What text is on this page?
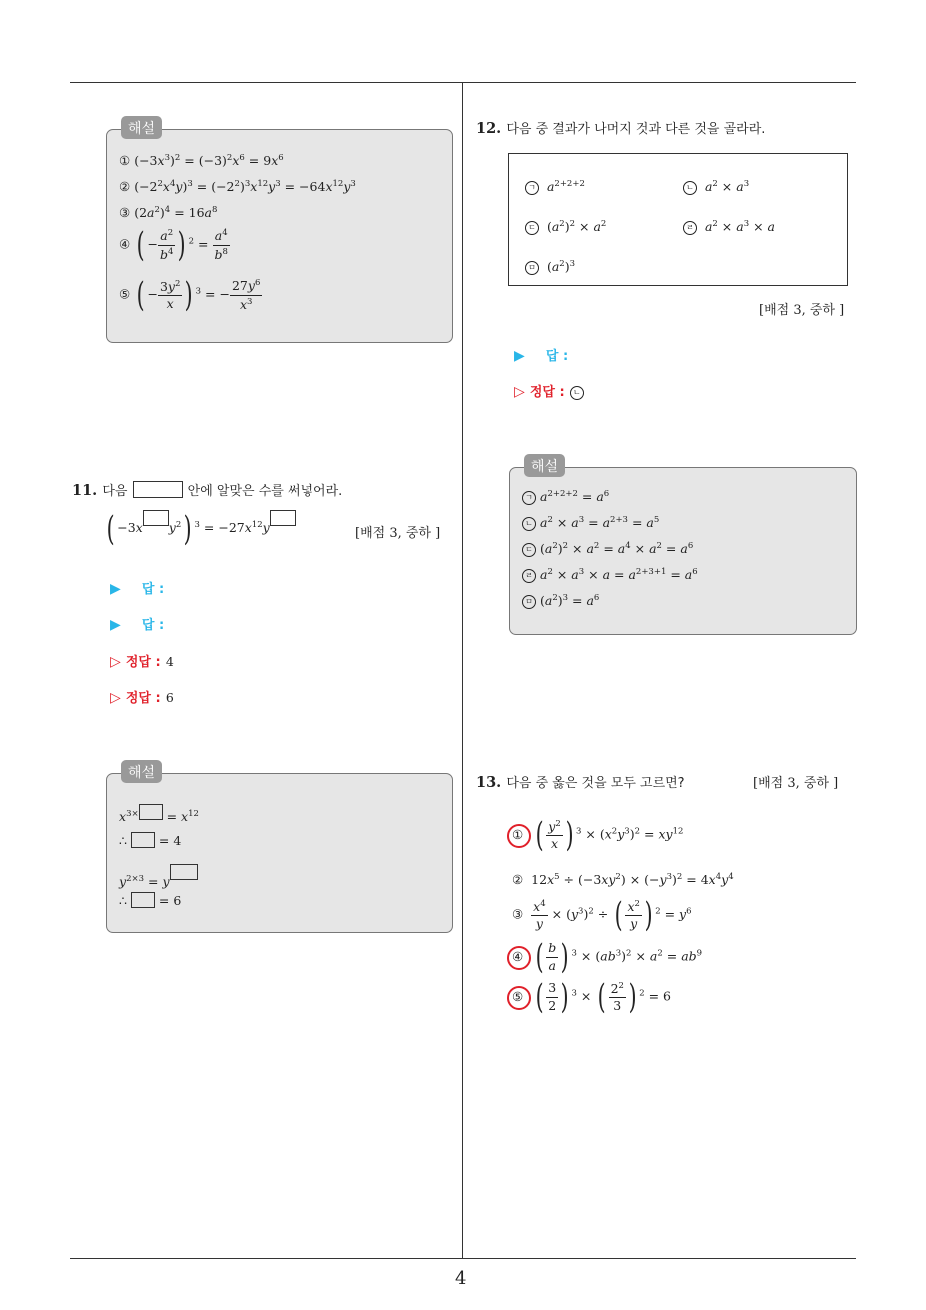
4
해설
① $(-3x^3)^2 = (-3)^2x^6 = 9x^6$
② $(-2^2x^4y)^3 = (-2^2)^3x^{12}y^3 = -64x^{12}y^3$
③ $(2a^2)^4 = 16a^8$
④ ( − $\frac{a^2}{b^4}$ ) $^2 = \frac{a^4}{b^8}$
⑤ ( − $\frac{3y^2}{x}$ ) $^3$ = − $\frac{27y^6}{x^3}$
11. 다음	안에 알맞은 수를 써넣어라.
( −3x $y^2$) $^3 = -27x^{12}y$	[배점 3, 중하 ]
▶ 답 :
▶ 답 :
▷ 정답 : 4
▷ 정답 : 6
해설
$x^{3\times} = x^{12}$
∴  = 4
$y^{2\times 3} = y$
∴  = 6
12. 다음 중 결과가 나머지 것과 다른 것을 골라라.
ㄱ $a^{2+2+2}$	ㄴ $a^2 \times a^3$
ㄷ  $(a^2)^2 \times a^2$	ㄹ $a^2 \times a^3 \times a$
ㅁ  $(a^2)^3$
[배점 3, 중하 ]
▶ 답 :
▷ 정답 : ㄴ
해설
ㄱ $a^{2+2+2} = a^6$
ㄴ $a^2 \times a^3 = a^{2+3} = a^5$
ㄷ $(a^2)^2 \times a^2 = a^4 \times a^2 = a^6$
ㄹ $a^2 \times a^3 \times a = a^{2+3+1} = a^6$
ㅁ $(a^2)^3 = a^6$
13. 다음 중 옳은 것을 모두 고르면?	[배점 3, 중하 ]
① ( $\frac{y^2}{x}$ ) $^3 \times (x^2y^3)^2 = xy^{12}$
②  $12x^5 \div (-3xy^2) \times (-y^3)^2 = 4x^4y^4$
③ $\frac{x^4}{y} \times (y^3)^2$ ÷ ( $\frac{x^2}{y}$ ) $^2 = y^6$
④ ( $\frac{b}{a}$ ) $^3 \times (ab^3)^2 \times a^2 = ab^9$
⑤ ( $\frac{3}{2}$ ) $^3$ × ( $\frac{2^2}{3}$ ) $^2$ = 6
